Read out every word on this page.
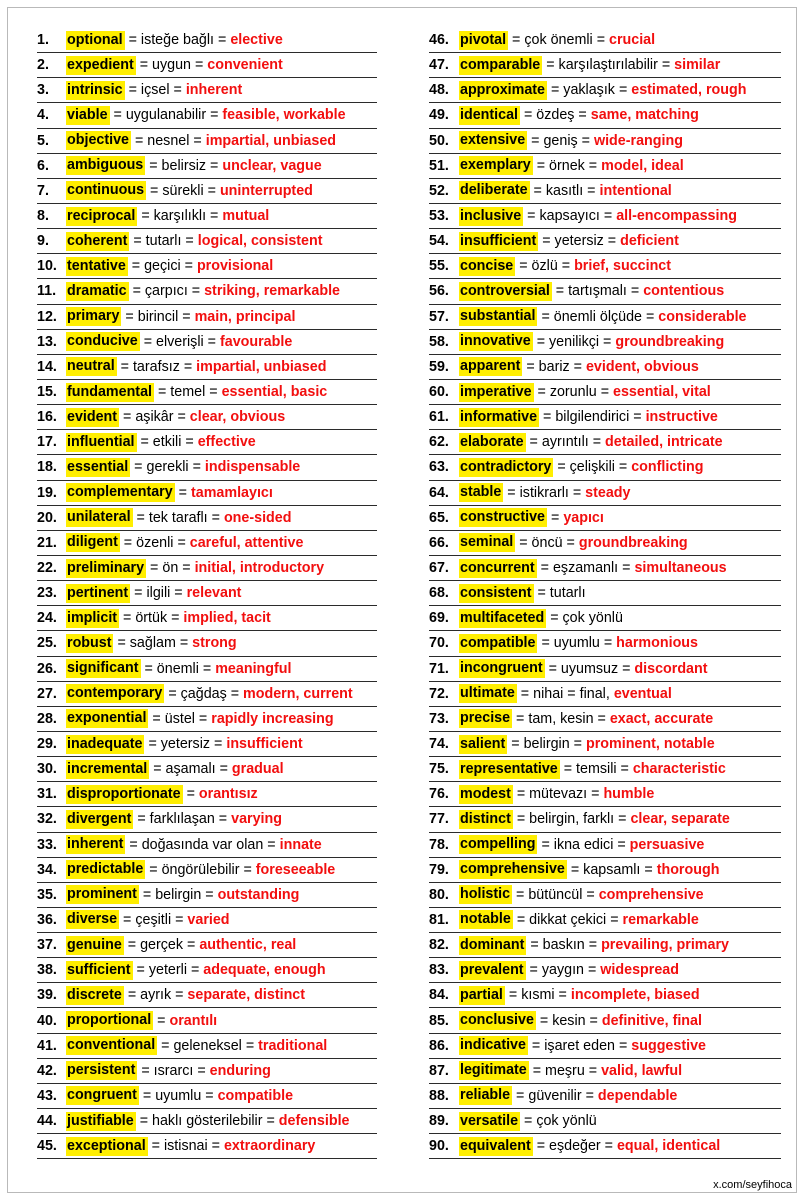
1.	optional = isteğe bağlı = elective
2.	expedient = uygun = convenient
3.	intrinsic = içsel = inherent
4.	viable = uygulanabilir = feasible, workable
5.	objective = nesnel = impartial, unbiased
6.	ambiguous = belirsiz = unclear, vague
7.	continuous = sürekli = uninterrupted
8.	reciprocal = karşılıklı = mutual
9.	coherent = tutarlı = logical, consistent
10. tentative = geçici = provisional
11. dramatic = çarpıcı = striking, remarkable
12. primary = birincil = main, principal
13. conducive = elverişli = favourable
14. neutral = tarafsız = impartial, unbiased
15. fundamental = temel = essential, basic
16. evident = aşikâr = clear, obvious
17. influential = etkili = effective
18. essential = gerekli = indispensable
19. complementary =
tamamlayıcı
20. unilateral = tek taraflı = one-sided
21. diligent = özenli = careful, attentive
22. preliminary = ön = initial, introductory
23. pertinent = ilgili = relevant
24. implicit = örtük = implied, tacit
25. robust = sağlam = strong
26. significant = önemli = meaningful
27. contemporary = çağdaş = modern, current
28. exponential = üstel = rapidly increasing
29. inadequate = yetersiz = insufficient
30. incremental = aşamalı = gradual
31. disproportionate =
orantısız
32. divergent = farklılaşan = varying
33. inherent = doğasında var olan = innate
34. predictable = öngörülebilir = foreseeable
35. prominent = belirgin = outstanding
36. diverse = çeşitli = varied
37. genuine = gerçek = authentic, real
38. sufficient = yeterli = adequate, enough
39. discrete = ayrık = separate, distinct
40. proportional =
orantılı
41. conventional = geleneksel = traditional
42. persistent = ısrarcı = enduring
43. congruent = uyumlu = compatible
44. justifiable = haklı gösterilebilir = defensible
45. exceptional = istisnai = extraordinary
46. pivotal = çok önemli = crucial
47. comparable = karşılaştırılabilir = similar
48. approximate = yaklaşık = estimated, rough
49. identical = özdeş = same, matching
50. extensive = geniş = wide-ranging
51. exemplary = örnek = model, ideal
52. deliberate = kasıtlı = intentional
53. inclusive = kapsayıcı = all-encompassing
54. insufficient = yetersiz = deficient
55. concise = özlü = brief, succinct
56. controversial = tartışmalı = contentious
57. substantial = önemli ölçüde = considerable
58. innovative = yenilikçi = groundbreaking
59. apparent = bariz = evident, obvious
60. imperative = zorunlu = essential, vital
61. informative = bilgilendirici = instructive
62. elaborate = ayrıntılı = detailed, intricate
63. contradictory = çelişkili = conflicting
64. stable = istikrarlı = steady
65. constructive =
yapıcı
66. seminal = öncü = groundbreaking
67. concurrent = eşzamanlı = simultaneous
68. consistent = tutarlı
69. multifaceted = çok yönlü
70. compatible = uyumlu = harmonious
71. incongruent = uyumsuz = discordant
72. ultimate = nihai = final,
eventual
73. precise = tam, kesin = exact, accurate
74. salient = belirgin = prominent, notable
75. representative = temsili = characteristic
76. modest = mütevazı = humble
77. distinct = belirgin, farklı = clear, separate
78. compelling = ikna edici = persuasive
79. comprehensive = kapsamlı = thorough
80. holistic = bütüncül = comprehensive
81. notable = dikkat çekici = remarkable
82. dominant = baskın = prevailing, primary
83. prevalent = yaygın = widespread
84. partial = kısmi = incomplete, biased
85. conclusive = kesin = definitive, final
86. indicative = işaret eden = suggestive
87. legitimate = meşru = valid, lawful
88. reliable = güvenilir = dependable
89. versatile = çok yönlü
90. equivalent = eşdeğer = equal, identical
x.com/seyfihoca
